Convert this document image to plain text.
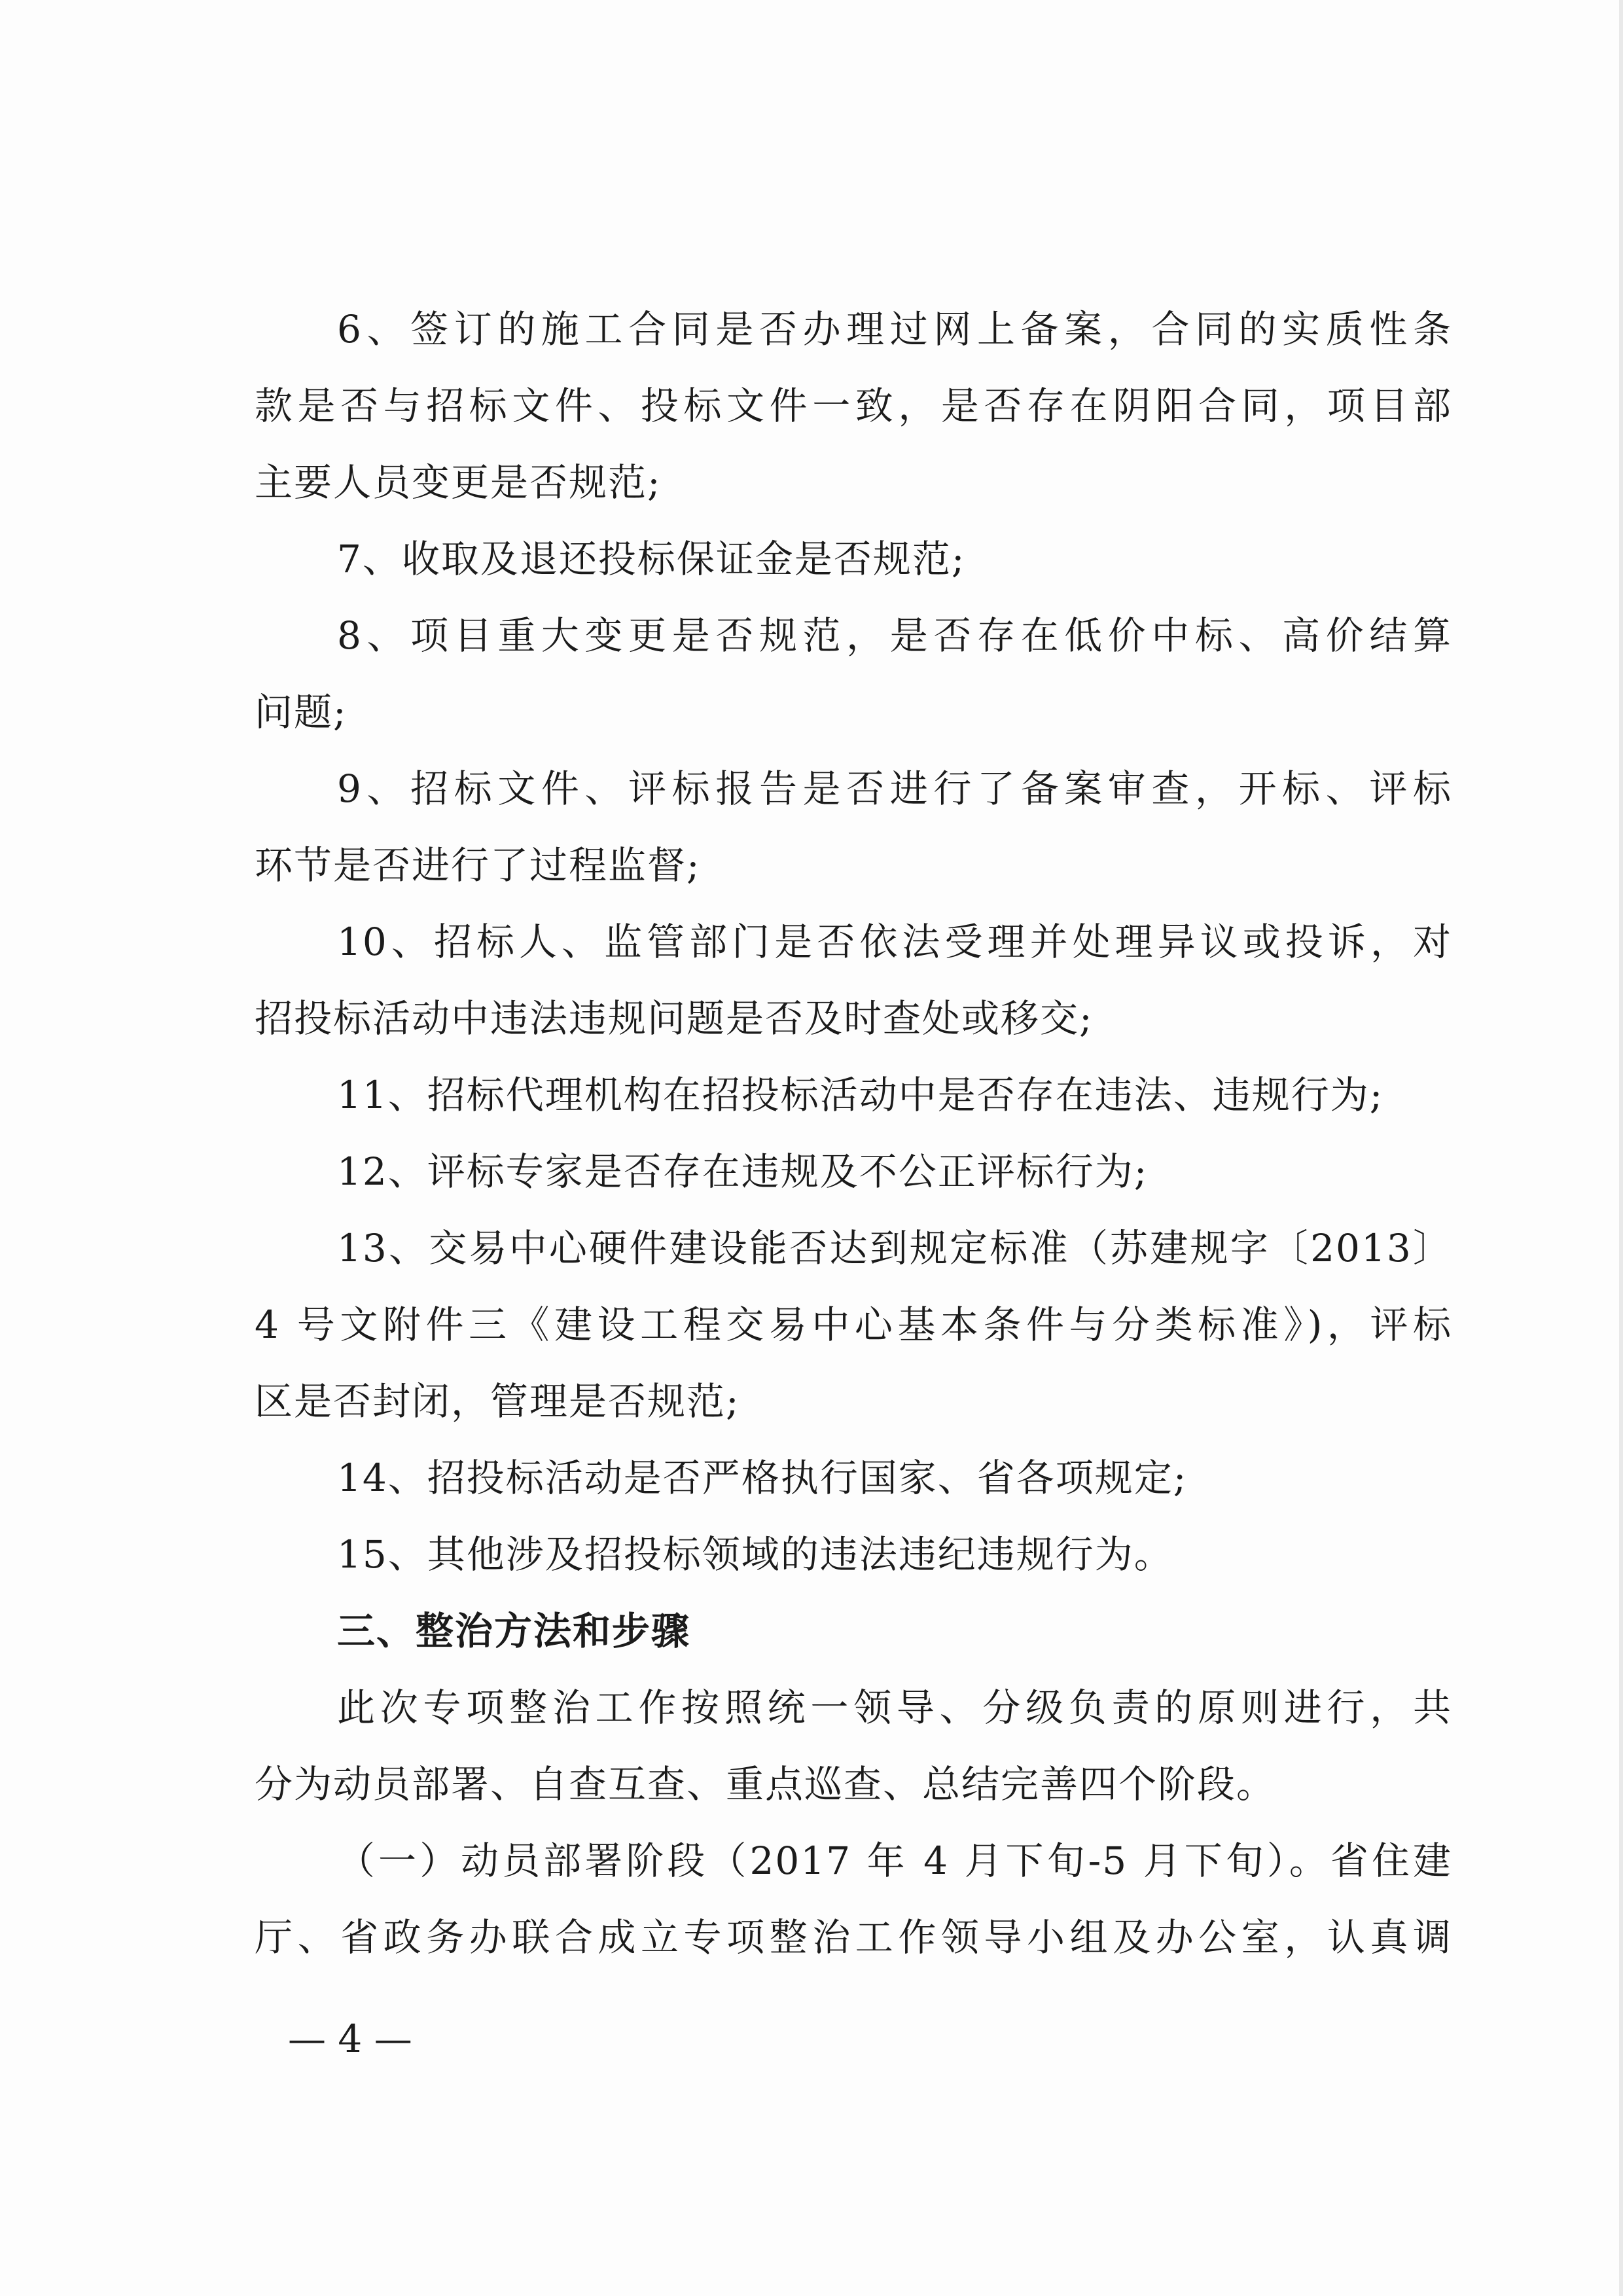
6、签订的施工合同是否办理过网上备案，合同的实质性条
款是否与招标文件、投标文件一致，是否存在阴阳合同，项目部
主要人员变更是否规范;
7、收取及退还投标保证金是否规范;
8、项目重大变更是否规范，是否存在低价中标、高价结算
问题;
9、招标文件、评标报告是否进行了备案审查，开标、评标
环节是否进行了过程监督;
10、招标人、监管部门是否依法受理并处理异议或投诉，对
招投标活动中违法违规问题是否及时查处或移交;
11、招标代理机构在招投标活动中是否存在违法、违规行为;
12、评标专家是否存在违规及不公正评标行为;
13、交易中心硬件建设能否达到规定标准（苏建规字〔2013〕
4 号文附件三《建设工程交易中心基本条件与分类标准》)，评标
区是否封闭，管理是否规范;
14、招投标活动是否严格执行国家、省各项规定;
15、其他涉及招投标领域的违法违纪违规行为。
三、整治方法和步骤
此次专项整治工作按照统一领导、分级负责的原则进行，共
分为动员部署、自查互查、重点巡查、总结完善四个阶段。
（一）动员部署阶段（2017 年 4 月下旬-5 月下旬）。省住建
厅、省政务办联合成立专项整治工作领导小组及办公室，认真调
— 4 —
